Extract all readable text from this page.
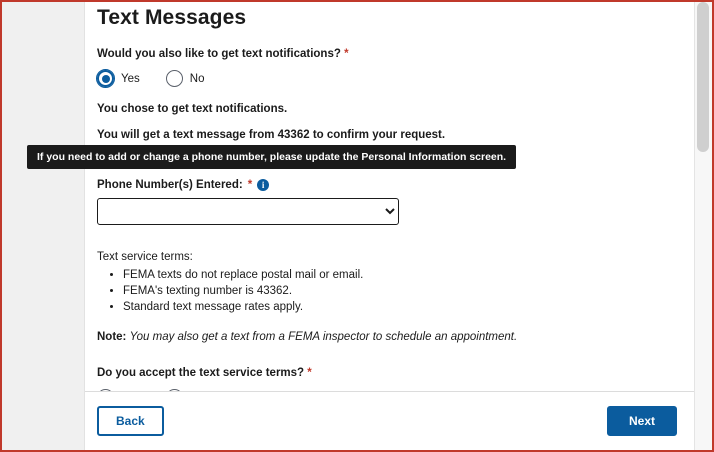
Text Messages
Would you also like to get text notifications? *
Yes	No

You chose to get text notifications.

You will get a text message from 43362 to confirm your request.

Phone Number(s) Entered: *	i

Text service terms:

• FEMA texts do not replace postal mail or email.
• FEMA's texting number is 43362.
• Standard text message rates apply.

Note: You may also get a text from a FEMA inspector to schedule an appointment.

Do you accept the text service terms? *
If you need to add or change a phone number, please update the Personal Information screen.
Back	Next
